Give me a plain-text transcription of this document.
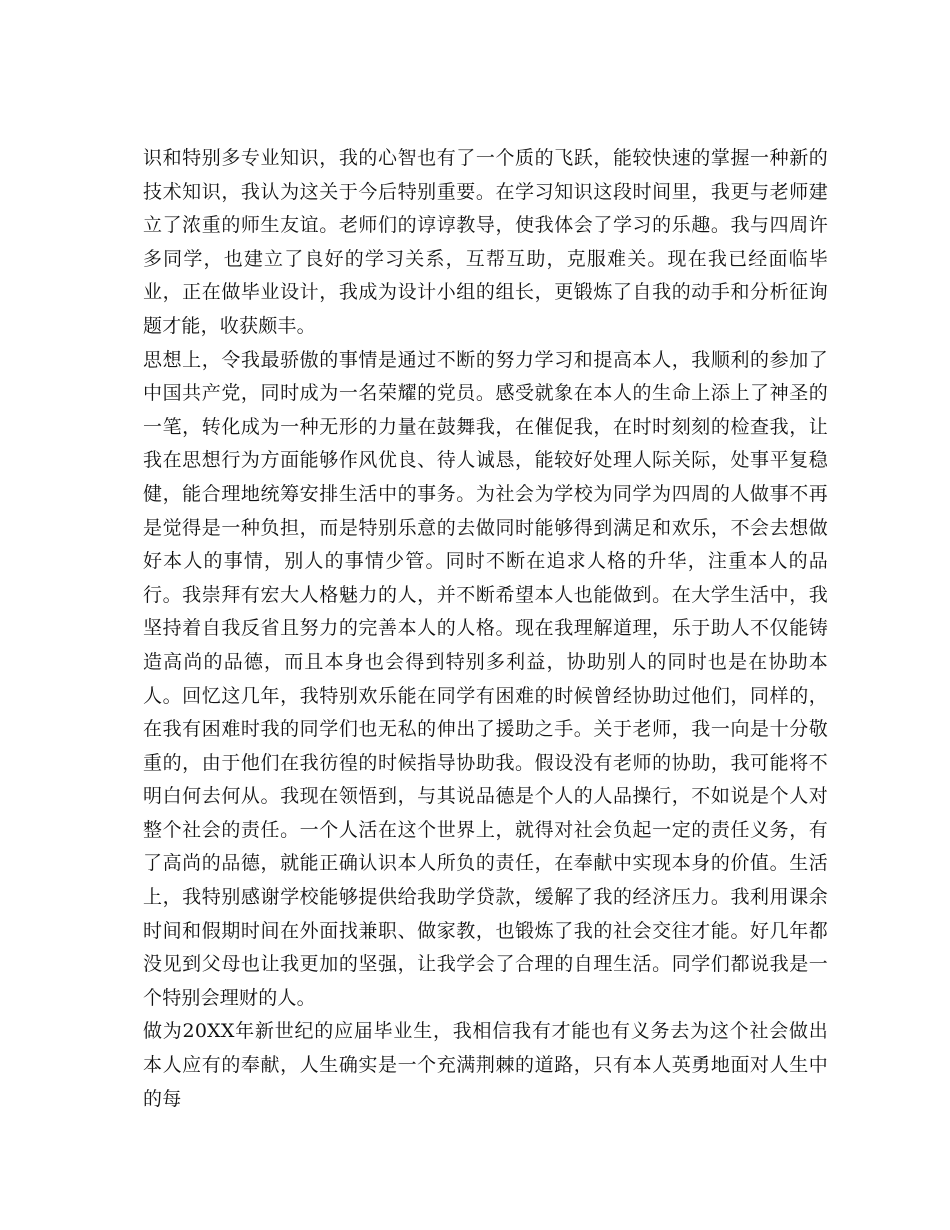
识和特别多专业知识，我的心智也有了一个质的飞跃，能较快速的掌握一种新的技术知识，我认为这关于今后特别重要。在学习知识这段时间里，我更与老师建立了浓重的师生友谊。老师们的谆谆教导，使我体会了学习的乐趣。我与四周许多同学，也建立了良好的学习关系，互帮互助，克服难关。现在我已经面临毕业，正在做毕业设计，我成为设计小组的组长，更锻炼了自我的动手和分析征询题才能，收获颇丰。

思想上，令我最骄傲的事情是通过不断的努力学习和提高本人，我顺利的参加了中国共产党，同时成为一名荣耀的党员。感受就象在本人的生命上添上了神圣的一笔，转化成为一种无形的力量在鼓舞我，在催促我，在时时刻刻的检查我，让我在思想行为方面能够作风优良、待人诚恳，能较好处理人际关际，处事平复稳健，能合理地统筹安排生活中的事务。为社会为学校为同学为四周的人做事不再是觉得是一种负担，而是特别乐意的去做同时能够得到满足和欢乐，不会去想做好本人的事情，别人的事情少管。同时不断在追求人格的升华，注重本人的品行。我崇拜有宏大人格魅力的人，并不断希望本人也能做到。在大学生活中，我坚持着自我反省且努力的完善本人的人格。现在我理解道理，乐于助人不仅能铸造高尚的品德，而且本身也会得到特别多利益，协助别人的同时也是在协助本人。回忆这几年，我特别欢乐能在同学有困难的时候曾经协助过他们，同样的，在我有困难时我的同学们也无私的伸出了援助之手。关于老师，我一向是十分敬重的，由于他们在我彷徨的时候指导协助我。假设没有老师的协助，我可能将不明白何去何从。我现在领悟到，与其说品德是个人的人品操行，不如说是个人对整个社会的责任。一个人活在这个世界上，就得对社会负起一定的责任义务，有了高尚的品德，就能正确认识本人所负的责任，在奉献中实现本身的价值。生活上，我特别感谢学校能够提供给我助学贷款，缓解了我的经济压力。我利用课余时间和假期时间在外面找兼职、做家教，也锻炼了我的社会交往才能。好几年都没见到父母也让我更加的坚强，让我学会了合理的自理生活。同学们都说我是一个特别会理财的人。

做为20XX年新世纪的应届毕业生，我相信我有才能也有义务去为这个社会做出本人应有的奉献，人生确实是一个充满荆棘的道路，只有本人英勇地面对人生中的每
